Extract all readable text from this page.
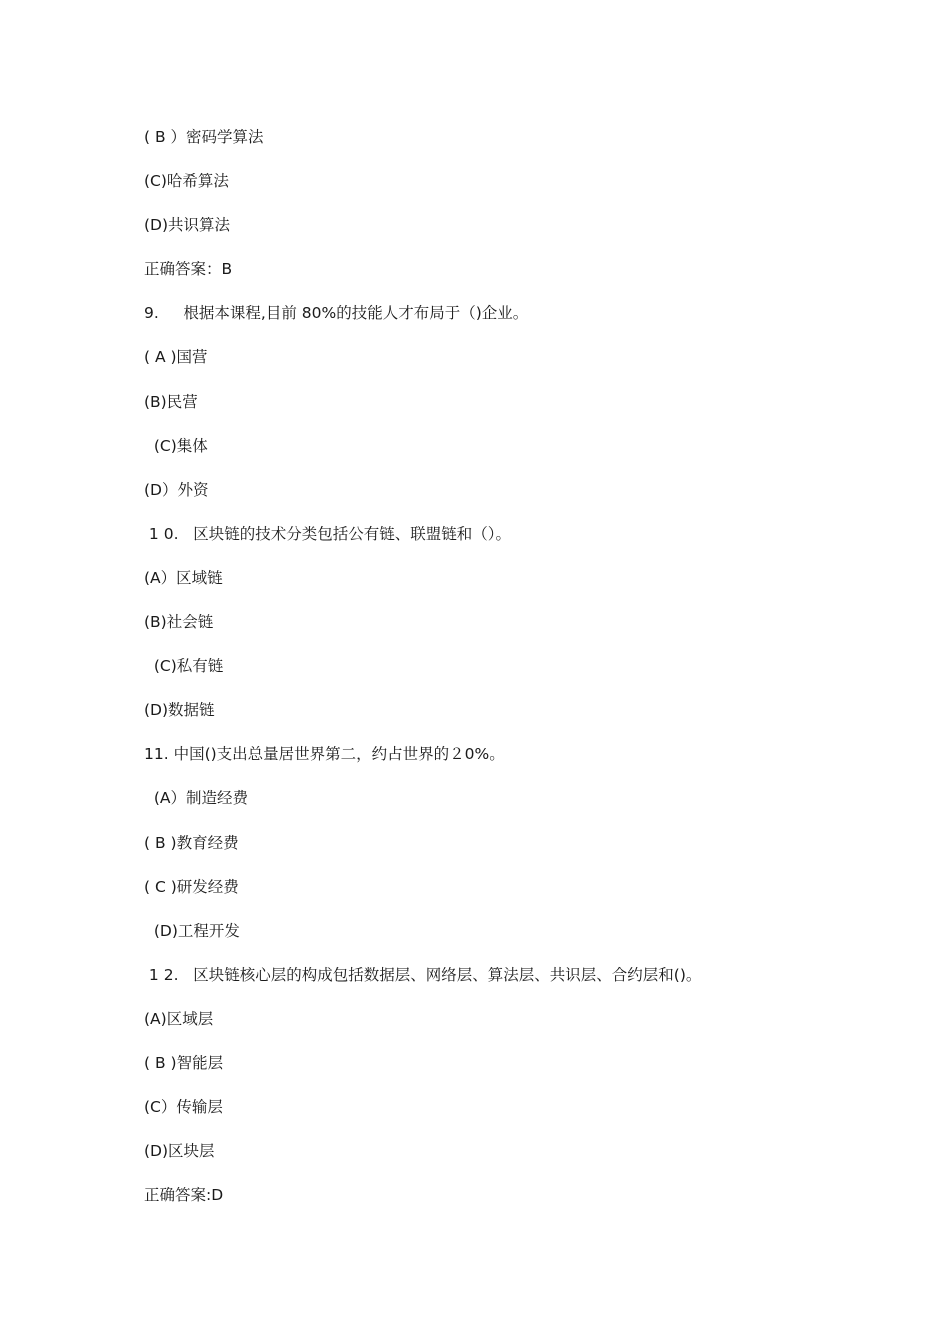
( B ）密码学算法
(C)哈希算法
(D)共识算法
正确答案：B
9.     根据本课程,目前 80%的技能人才布局于（)企业。
( A )国营
(B)民营
(C)集体
(D）外资
1 0.   区块链的技术分类包括公有链、联盟链和（）。
(A）区域链
(B)社会链
(C)私有链
(D)数据链
11. 中国()支出总量居世界第二，约占世界的２0%。
(A）制造经费
( B )教育经费
( C )研发经费
(D)工程开发
1 2.   区块链核心层的构成包括数据层、网络层、算法层、共识层、合约层和()。
(A)区域层
( B )智能层
(C）传输层
(D)区块层
正确答案:D
